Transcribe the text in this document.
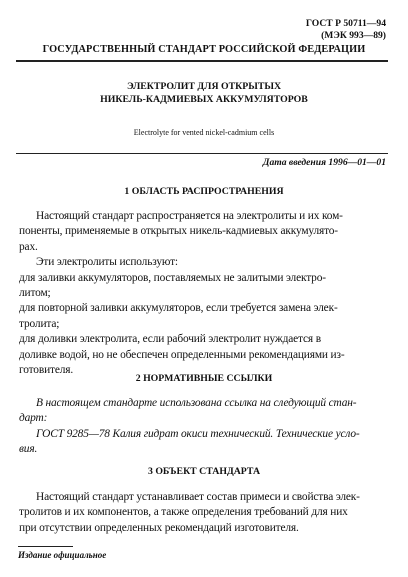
ГОСТ Р 50711—94
(МЭК 993—89)
ГОСУДАРСТВЕННЫЙ СТАНДАРТ РОССИЙСКОЙ ФЕДЕРАЦИИ
ЭЛЕКТРОЛИТ ДЛЯ ОТКРЫТЫХ
НИКЕЛЬ-КАДМИЕВЫХ АККУМУЛЯТОРОВ
Electrolyte for vented nickel-cadmium cells
Дата введения 1996—01—01
1 ОБЛАСТЬ РАСПРОСТРАНЕНИЯ
Настоящий стандарт распространяется на электролиты и их ком-
поненты, применяемые в открытых никель-кадмиевых аккумулято-
рах.
Эти электролиты используют:
для заливки аккумуляторов, поставляемых не залитыми электро-
литом;
для повторной заливки аккумуляторов, если требуется замена элек-
тролита;
для доливки электролита, если рабочий электролит нуждается в
доливке водой, но не обеспечен определенными рекомендациями из-
готовителя.
2 НОРМАТИВНЫЕ ССЫЛКИ
В настоящем стандарте использована ссылка на следующий стан-
дарт:
ГОСТ 9285—78 Калия гидрат окиси технический. Технические усло-
вия.
3 ОБЪЕКТ СТАНДАРТА
Настоящий стандарт устанавливает состав примеси и свойства элек-
тролитов и их компонентов, а также определения требований для них
при отсутствии определенных рекомендаций изготовителя.
Издание официальное
